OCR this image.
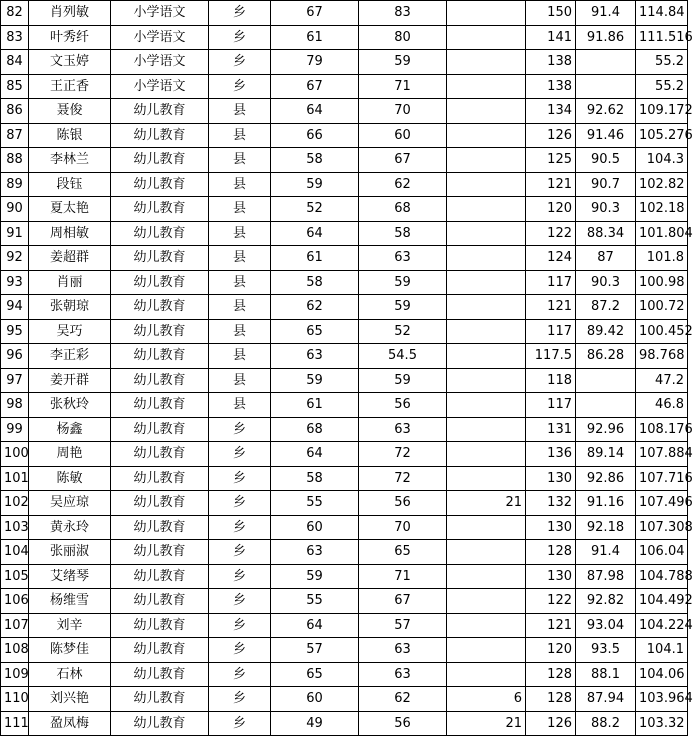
82	肖列敏	小学语文	乡	67	83		150	91.4	114.84
83	叶秀纤	小学语文	乡	61	80		141	91.86	111.516
84	文玉婷	小学语文	乡	79	59		138		55.2
85	王正香	小学语文	乡	67	71		138		55.2
86	聂俊	幼儿教育	县	64	70		134	92.62	109.172
87	陈银	幼儿教育	县	66	60		126	91.46	105.276
88	李林兰	幼儿教育	县	58	67		125	90.5	104.3
89	段钰	幼儿教育	县	59	62		121	90.7	102.82
90	夏太艳	幼儿教育	县	52	68		120	90.3	102.18
91	周相敏	幼儿教育	县	64	58		122	88.34	101.804
92	姜超群	幼儿教育	县	61	63		124	87	101.8
93	肖丽	幼儿教育	县	58	59		117	90.3	100.98
94	张朝琼	幼儿教育	县	62	59		121	87.2	100.72
95	吴巧	幼儿教育	县	65	52		117	89.42	100.452
96	李正彩	幼儿教育	县	63	54.5		117.5	86.28	98.768
97	姜开群	幼儿教育	县	59	59		118		47.2
98	张秋玲	幼儿教育	县	61	56		117		46.8
99	杨鑫	幼儿教育	乡	68	63		131	92.96	108.176
100	周艳	幼儿教育	乡	64	72		136	89.14	107.884
101	陈敏	幼儿教育	乡	58	72		130	92.86	107.716
102	吴应琼	幼儿教育	乡	55	56	21	132	91.16	107.496
103	黄永玲	幼儿教育	乡	60	70		130	92.18	107.308
104	张丽淑	幼儿教育	乡	63	65		128	91.4	106.04
105	艾绪琴	幼儿教育	乡	59	71		130	87.98	104.788
106	杨维雪	幼儿教育	乡	55	67		122	92.82	104.492
107	刘辛	幼儿教育	乡	64	57		121	93.04	104.224
108	陈梦佳	幼儿教育	乡	57	63		120	93.5	104.1
109	石林	幼儿教育	乡	65	63		128	88.1	104.06
110	刘兴艳	幼儿教育	乡	60	62	6	128	87.94	103.964
111	盈凤梅	幼儿教育	乡	49	56	21	126	88.2	103.32
